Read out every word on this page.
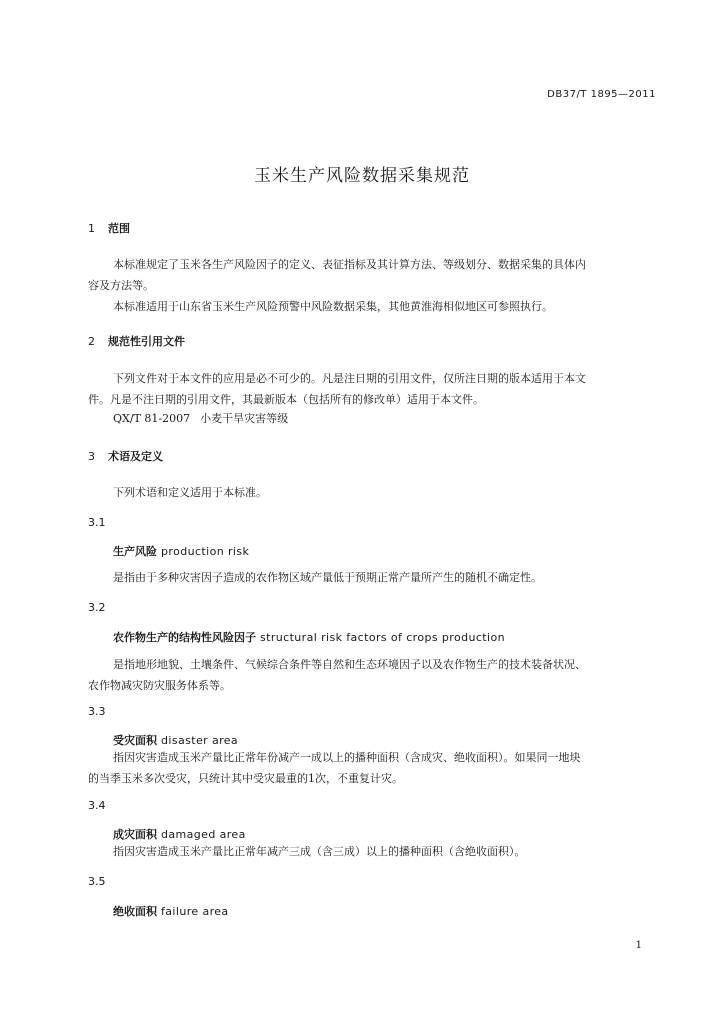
DB37/T 1895—2011
玉米生产风险数据采集规范
1 范围
本标准规定了玉米各生产风险因子的定义、表征指标及其计算方法、等级划分、数据采集的具体内
容及方法等。
本标准适用于山东省玉米生产风险预警中风险数据采集，其他黄淮海相似地区可参照执行。
2 规范性引用文件
下列文件对于本文件的应用是必不可少的。凡是注日期的引用文件，仅所注日期的版本适用于本文
件。凡是不注日期的引用文件，其最新版本（包括所有的修改单）适用于本文件。
QX/T 81-2007 小麦干旱灾害等级
3 术语及定义
下列术语和定义适用于本标准。
3.1
生产风险 production risk
是指由于多种灾害因子造成的农作物区域产量低于预期正常产量所产生的随机不确定性。
3.2
农作物生产的结构性风险因子 structural risk factors of crops production
是指地形地貌、土壤条件、气候综合条件等自然和生态环境因子以及农作物生产的技术装备状况、
农作物减灾防灾服务体系等。
3.3
受灾面积 disaster area
指因灾害造成玉米产量比正常年份减产一成以上的播种面积（含成灾、绝收面积）。如果同一地块
的当季玉米多次受灾，只统计其中受灾最重的1次，不重复计灾。
3.4
成灾面积 damaged area
指因灾害造成玉米产量比正常年减产三成（含三成）以上的播种面积（含绝收面积）。
3.5
绝收面积 failure area
1
